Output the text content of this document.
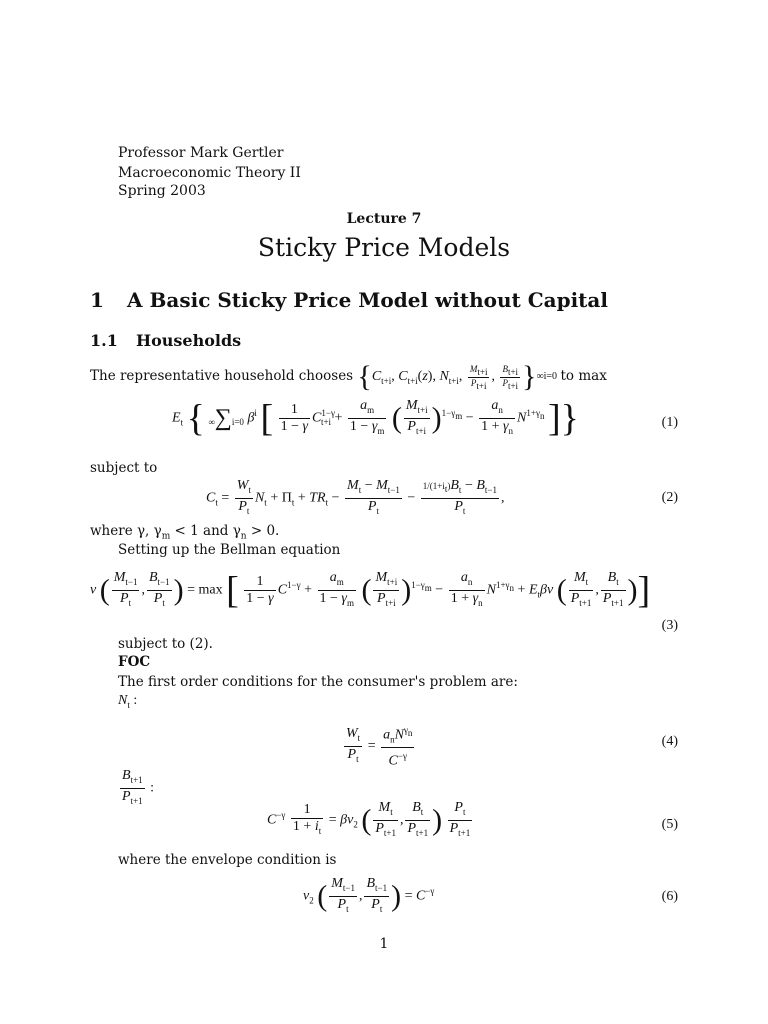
Professor Mark Gertler
Macroeconomic Theory II
Spring 2003
Lecture 7
Sticky Price Models
1 A Basic Sticky Price Model without Capital
1.1 Households
The representative household chooses {$C_{t+i}$, $C_{t+i}(z)$, $N_{t+i}$, $\frac{M_{t+i}}{P_{t+i}}$ , $\frac{B_{t+i}}{P_{t+i}} \}\infty i=0$ to max
$E_t$ { ∞∑i=0 $\beta^i$ [ $\frac{1}{1 - \gamma} C^{1-\gamma}_{t+i} + \frac{a_m}{1 - \gamma_m}$ ( $\frac{M_{t+i}}{P_{t+i}} )^{1-\gamma_m} - \frac{a_n}{1 + \gamma_n} N^{1+\gamma_n}$ ]}	(1)
subject to
$C_t = \frac{W_t}{P_t} N_t + \Pi_t + TR_t - \frac{M_t - M_{t-1}}{P_t} - \frac{1/(1+i_t)B_t - B_{t-1}}{P_t}$ ,	(2)
where γ, $\gamma_m < 1$ and $\gamma_n > 0$.
Setting up the Bellman equation
v ( $\frac{M_{t-1}}{P_t}$ , $\frac{B_{t-1}}{P_t}$ ) = max [ $\frac{1}{1 - \gamma} C^{1-\gamma} + \frac{a_m}{1 - \gamma_m}$ ( $\frac{M_{t+i}}{P_{t+i}} )^{1-\gamma_m} - \frac{a_n}{1 + \gamma_n} N^{1+\gamma_n} + E_t\beta v$ ( $\frac{M_t}{P_{t+1}}$ , $\frac{B_t}{P_{t+1}}$ )]
(3)
subject to (2).
FOC
The first order conditions for the consumer's problem are:
$N_t$ :
$\frac{W_t}{P_t} = \frac{a_nN^{\gamma_n}}{C^{-\gamma}}$	(4)
$\frac{B_{t+1}}{P_{t+1}}$ :
$C^{-\gamma} \frac{1}{1 + i_t} = \beta v_2$ ( $\frac{M_t}{P_{t+1}}$ , $\frac{B_t}{P_{t+1}}$ ) $\frac{P_t}{P_{t+1}}$	(5)
where the envelope condition is
$v_2$ ( $\frac{M_{t-1}}{P_t}$ , $\frac{B_{t-1}}{P_t}$ ) = $C^{-\gamma}$	(6)
1
